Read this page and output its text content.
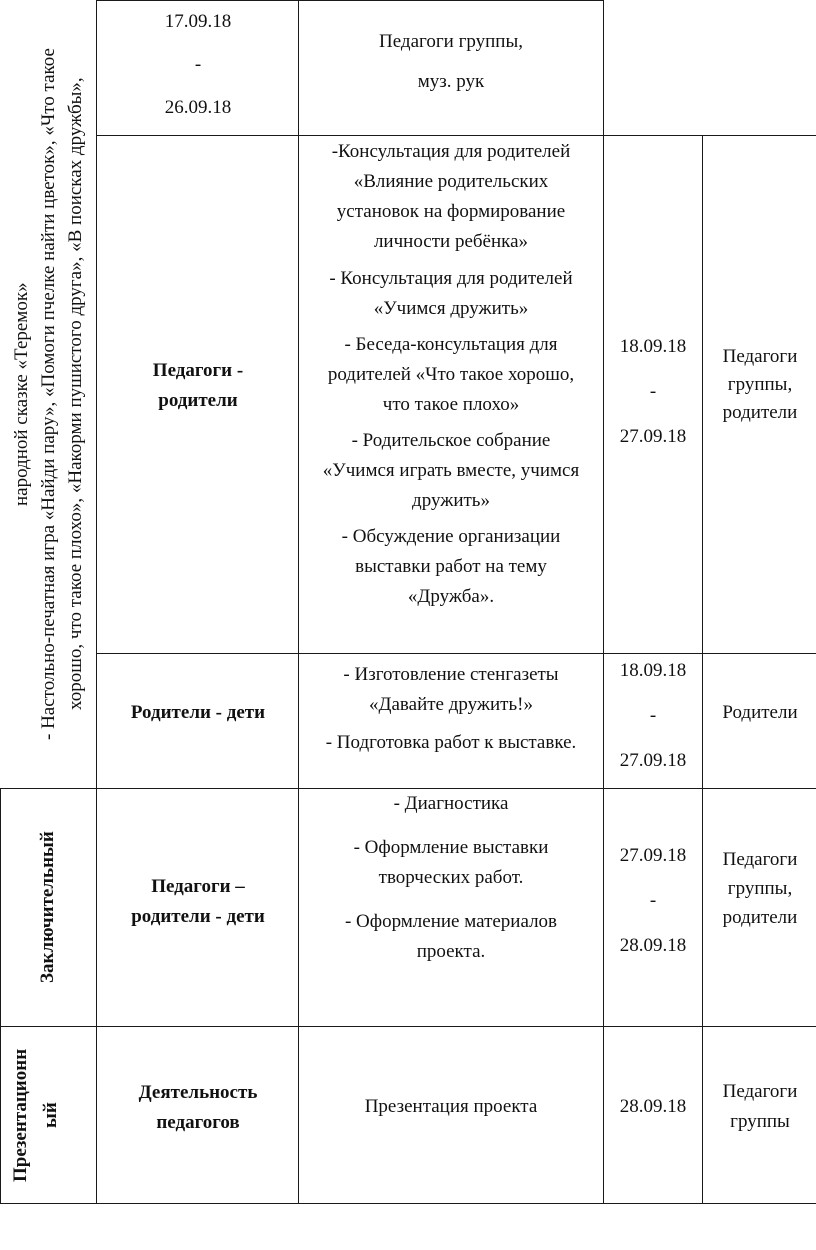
народной сказке «Теремок» - Настольно-печатная игра «Найди пару», «Помоги пчелке найти цветок», «Что такое хорошо, что такое плохо», «Накорми пушистого друга», «В поисках дружбы»,
17.09.18
-
26.09.18
Педагоги группы,
муз. рук
Педагоги -
родители
-Консультация для родителей
«Влияние родительских
установок на формирование
личности ребёнка»
- Консультация для родителей
«Учимся дружить»
- Беседа-консультация для
родителей «Что такое хорошо,
что такое плохо»
- Родительское собрание
«Учимся играть вместе, учимся
дружить»
- Обсуждение организации
выставки работ на тему
«Дружба».
18.09.18
-
27.09.18
Педагоги
группы,
родители
Родители - дети
- Изготовление стенгазеты
«Давайте дружить!»
- Подготовка работ к выставке.
18.09.18
-
27.09.18
Родители
Заключительный	Педагоги –
родители - дети
- Диагностика
- Оформление выставки
творческих работ.
- Оформление материалов
проекта.
27.09.18
-
28.09.18
Педагоги
группы,
родители
Презентационн ый
Деятельность
педагогов
Презентация проекта	28.09.18
Педагоги
группы
